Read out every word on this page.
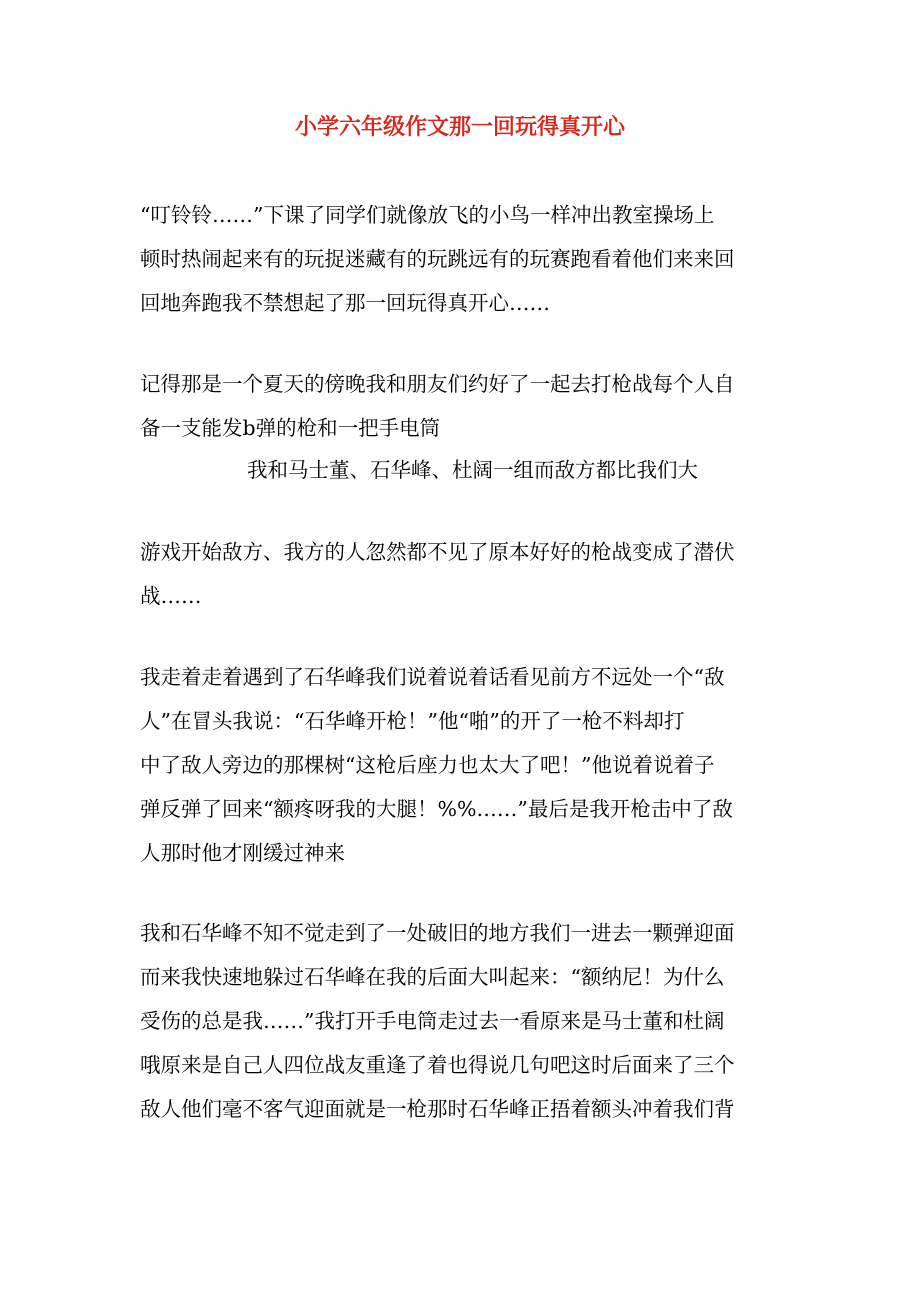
小学六年级作文那一回玩得真开心

“叮铃铃……”下课了同学们就像放飞的小鸟一样冲出教室操场上
顿时热闹起来有的玩捉迷藏有的玩跳远有的玩赛跑看着他们来来回
回地奔跑我不禁想起了那一回玩得真开心……

记得那是一个夏天的傍晚我和朋友们约好了一起去打枪战每个人自
备一支能发b弹的枪和一把手电筒

我和马士董、石华峰、杜阔一组而敌方都比我们大

游戏开始敌方、我方的人忽然都不见了原本好好的枪战变成了潜伏
战……

我走着走着遇到了石华峰我们说着说着话看见前方不远处一个“敌
人”在冒头我说：“石华峰开枪！”他“啪”的开了一枪不料却打
中了敌人旁边的那棵树“这枪后座力也太大了吧！”他说着说着子
弹反弹了回来“额疼呀我的大腿！%%……”最后是我开枪击中了敌
人那时他才刚缓过神来

我和石华峰不知不觉走到了一处破旧的地方我们一进去一颗弹迎面
而来我快速地躲过石华峰在我的后面大叫起来：“额纳尼！为什么
受伤的总是我……”我打开手电筒走过去一看原来是马士董和杜阔
哦原来是自己人四位战友重逢了着也得说几句吧这时后面来了三个
敌人他们毫不客气迎面就是一枪那时石华峰正捂着额头冲着我们背
